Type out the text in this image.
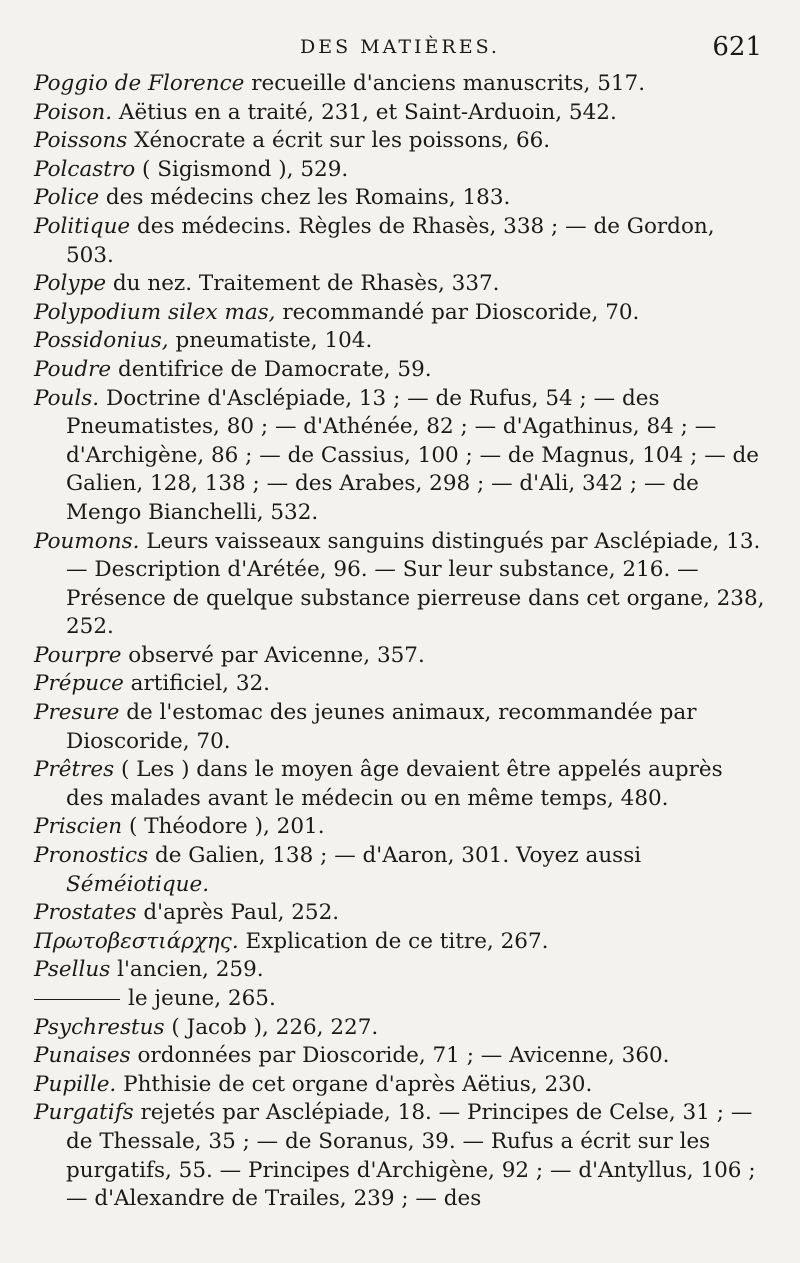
DES MATIÈRES.	621
Poggio de Florence recueille d'anciens manuscrits, 517.
Poison. Aëtius en a traité, 231, et Saint-Arduoin, 542.
Poissons Xénocrate a écrit sur les poissons, 66.
Polcastro ( Sigismond ), 529.
Police des médecins chez les Romains, 183.
Politique des médecins. Règles de Rhasès, 338 ; — de Gordon, 503.
Polype du nez. Traitement de Rhasès, 337.
Polypodium silex mas, recommandé par Dioscoride, 70.
Possidonius, pneumatiste, 104.
Poudre dentifrice de Damocrate, 59.
Pouls. Doctrine d'Asclépiade, 13 ; — de Rufus, 54 ; — des Pneumatistes, 80 ; — d'Athénée, 82 ; — d'Agathinus, 84 ; — d'Archigène, 86 ; — de Cassius, 100 ; — de Magnus, 104 ; — de Galien, 128, 138 ; — des Arabes, 298 ; — d'Ali, 342 ; — de Mengo Bianchelli, 532.
Poumons. Leurs vaisseaux sanguins distingués par Asclépiade, 13. — Description d'Arétée, 96. — Sur leur substance, 216. — Présence de quelque substance pierreuse dans cet organe, 238, 252.
Pourpre observé par Avicenne, 357.
Prépuce artificiel, 32.
Presure de l'estomac des jeunes animaux, recommandée par Dioscoride, 70.
Prêtres ( Les ) dans le moyen âge devaient être appelés auprès des malades avant le médecin ou en même temps, 480.
Priscien ( Théodore ), 201.
Pronostics de Galien, 138 ; — d'Aaron, 301. Voyez aussi Séméiotique.
Prostates d'après Paul, 252.
Πρωτοβεστιάρχης. Explication de ce titre, 267.
Psellus l'ancien, 259.
le jeune, 265.
Psychrestus ( Jacob ), 226, 227.
Punaises ordonnées par Dioscoride, 71 ; — Avicenne, 360.
Pupille. Phthisie de cet organe d'après Aëtius, 230.
Purgatifs rejetés par Asclépiade, 18. — Principes de Celse, 31 ; — de Thessale, 35 ; — de Soranus, 39. — Rufus a écrit sur les purgatifs, 55. — Principes d'Archigène, 92 ; — d'Antyllus, 106 ; — d'Alexandre de Trailes, 239 ; — des
